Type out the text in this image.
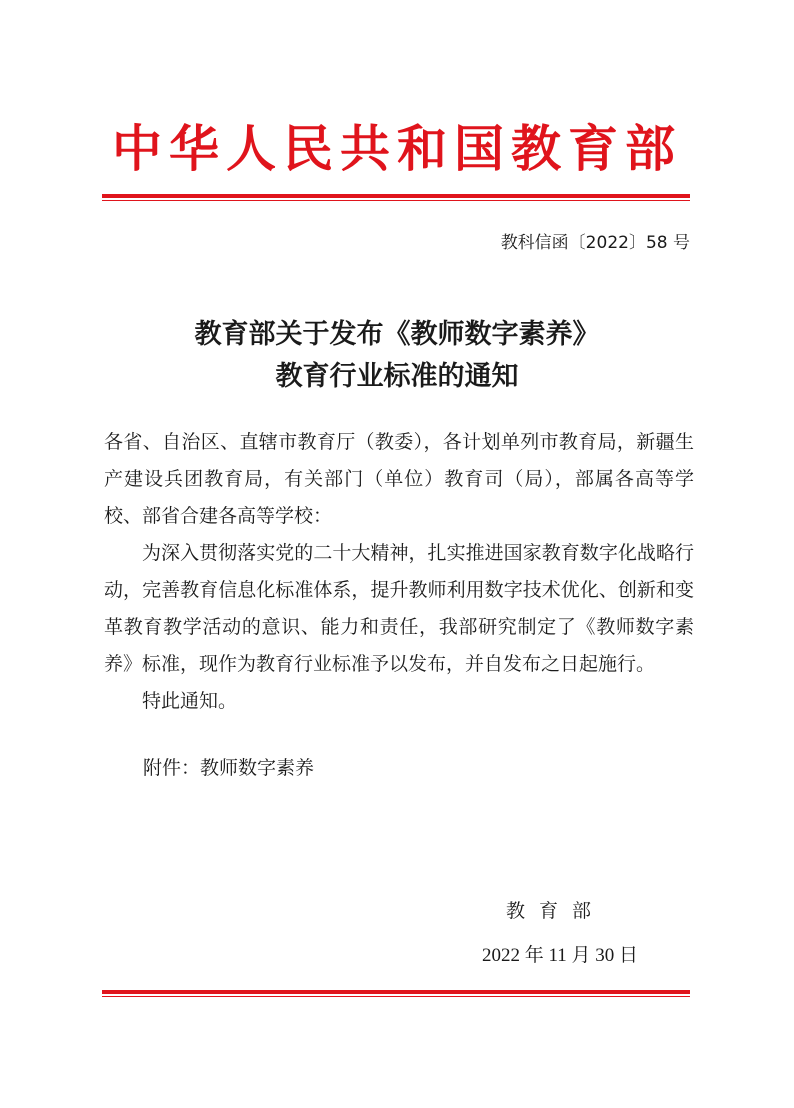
中华人民共和国教育部
教科信函〔2022〕58 号
教育部关于发布《教师数字素养》
教育行业标准的通知

各省、自治区、直辖市教育厅（教委），各计划单列市教育局，新疆生产建设兵团教育局，有关部门（单位）教育司（局），部属各高等学校、部省合建各高等学校：

为深入贯彻落实党的二十大精神，扎实推进国家教育数字化战略行动，完善教育信息化标准体系，提升教师利用数字技术优化、创新和变革教育教学活动的意识、能力和责任，我部研究制定了《教师数字素养》标准，现作为教育行业标准予以发布，并自发布之日起施行。

特此通知。

附件：教师数字素养
教育部
2022 年 11 月 30 日
